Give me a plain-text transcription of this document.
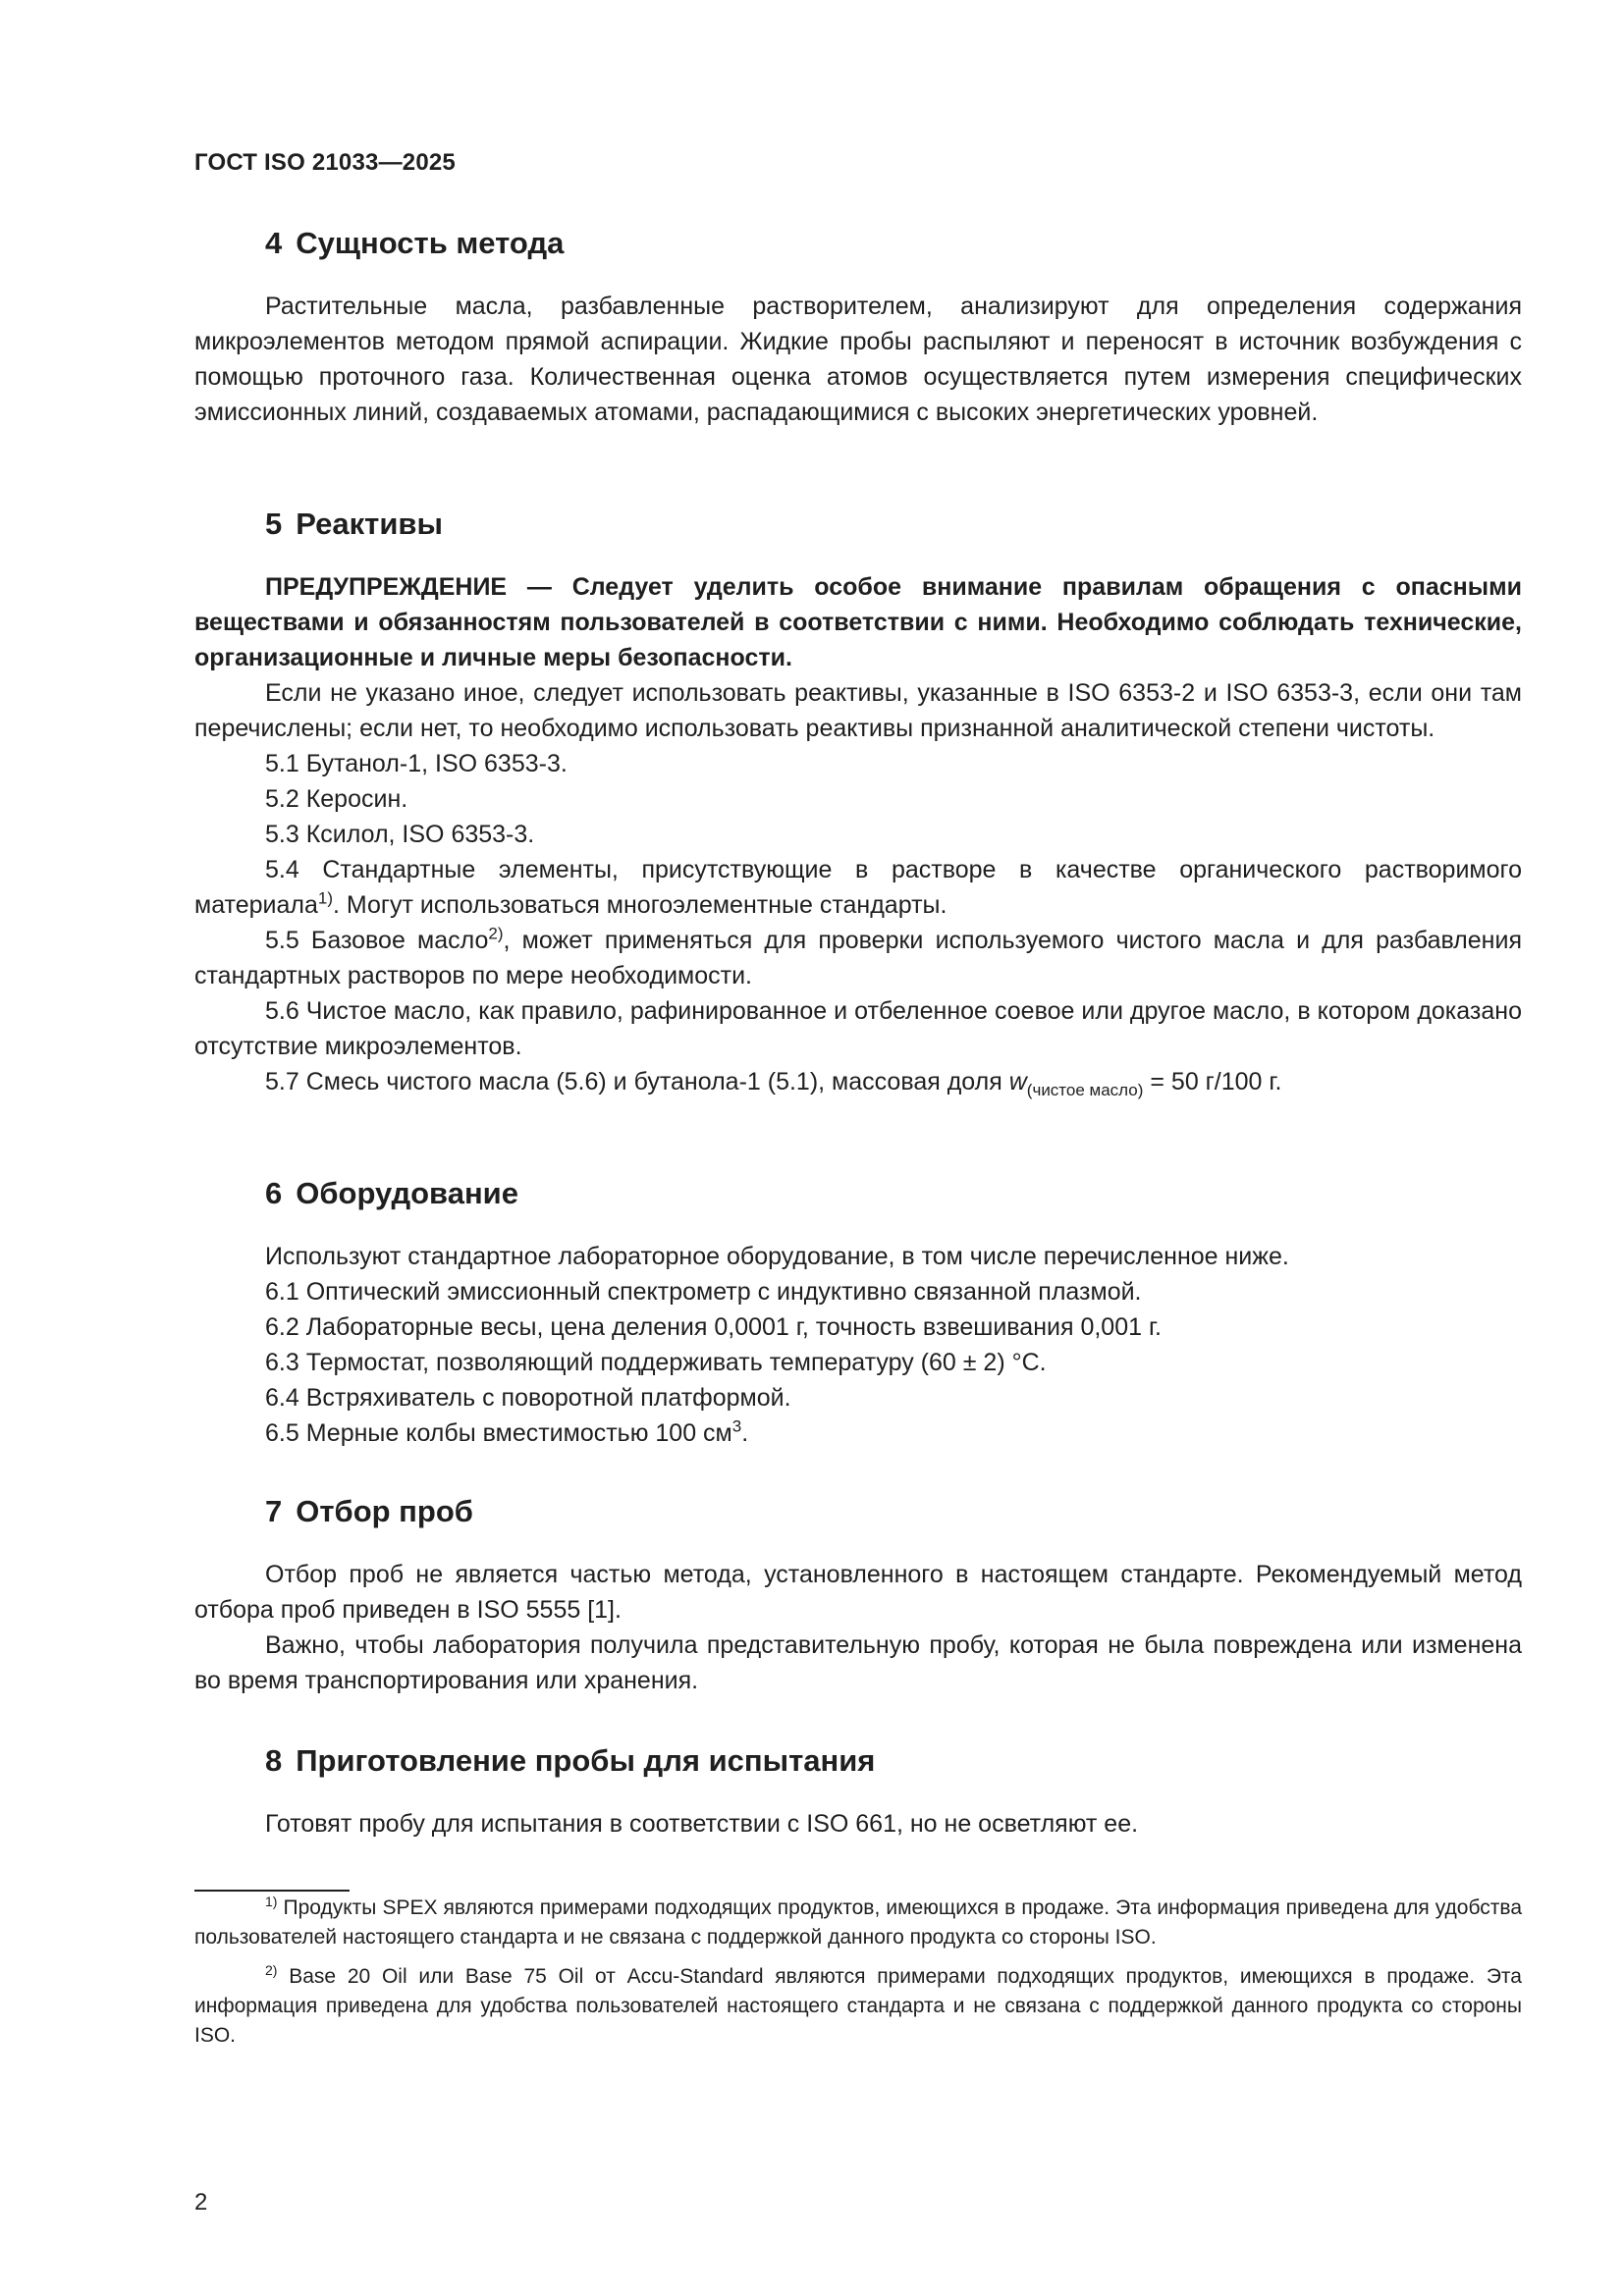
ГОСТ ISO 21033—2025
4 Сущность метода

Растительные масла, разбавленные растворителем, анализируют для определения содержания микроэлементов методом прямой аспирации. Жидкие пробы распыляют и переносят в источник возбуждения с помощью проточного газа. Количественная оценка атомов осуществляется путем измерения специфических эмиссионных линий, создаваемых атомами, распадающимися с высоких энергетических уровней.

5 Реактивы

ПРЕДУПРЕЖДЕНИЕ — Следует уделить особое внимание правилам обращения с опасными веществами и обязанностям пользователей в соответствии с ними. Необходимо соблюдать технические, организационные и личные меры безопасности.

Если не указано иное, следует использовать реактивы, указанные в ISO 6353-2 и ISO 6353-3, если они там перечислены; если нет, то необходимо использовать реактивы признанной аналитической степени чистоты.

5.1 Бутанол-1, ISO 6353-3.

5.2 Керосин.

5.3 Ксилол, ISO 6353-3.

5.4 Стандартные элементы, присутствующие в растворе в качестве органического растворимого материала$^{1)}$. Могут использоваться многоэлементные стандарты.

5.5 Базовое масло$^{2)}$, может применяться для проверки используемого чистого масла и для разбавления стандартных растворов по мере необходимости.

5.6 Чистое масло, как правило, рафинированное и отбеленное соевое или другое масло, в котором доказано отсутствие микроэлементов.

5.7 Смесь чистого масла (5.6) и бутанола-1 (5.1), массовая доля $w_{(чистое масло)} = 50$ г/100 г.

6 Оборудование

Используют стандартное лабораторное оборудование, в том числе перечисленное ниже.

6.1 Оптический эмиссионный спектрометр с индуктивно связанной плазмой.

6.2 Лабораторные весы, цена деления 0,0001 г, точность взвешивания 0,001 г.

6.3 Термостат, позволяющий поддерживать температуру (60 ± 2) °С.

6.4 Встряхиватель с поворотной платформой.

6.5 Мерные колбы вместимостью 100 $см^3$.

7 Отбор проб

Отбор проб не является частью метода, установленного в настоящем стандарте. Рекомендуемый метод отбора проб приведен в ISO 5555 [1].

Важно, чтобы лаборатория получила представительную пробу, которая не была повреждена или изменена во время транспортирования или хранения.

8 Приготовление пробы для испытания

Готовят пробу для испытания в соответствии с ISO 661, но не осветляют ее.

$^{1)}$ Продукты SPEX являются примерами подходящих продуктов, имеющихся в продаже. Эта информация приведена для удобства пользователей настоящего стандарта и не связана с поддержкой данного продукта со стороны ISO.

$^{2)}$ Base 20 Oil или Base 75 Oil от Accu-Standard являются примерами подходящих продуктов, имеющихся в продаже. Эта информация приведена для удобства пользователей настоящего стандарта и не связана с поддержкой данного продукта со стороны ISO.

2
